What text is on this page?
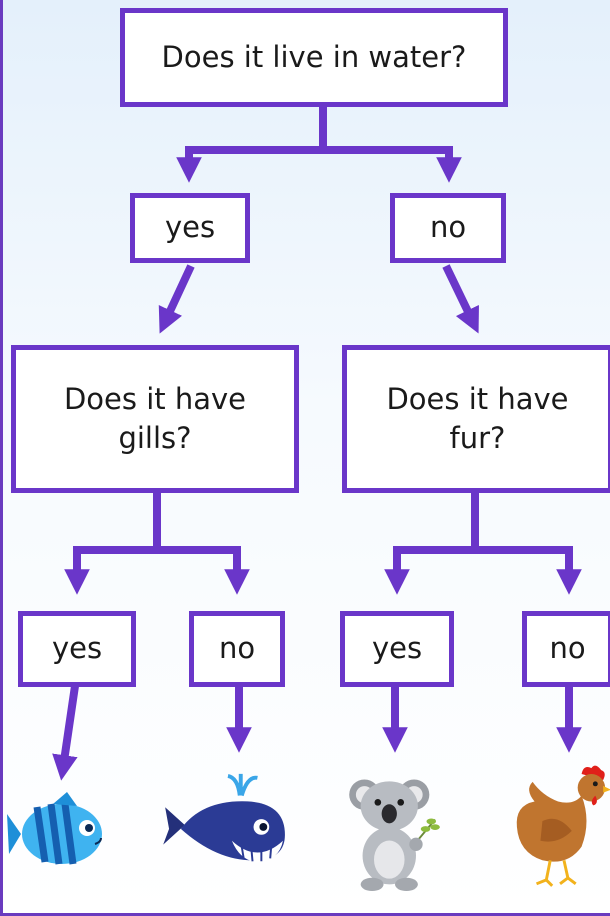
Does it live in water?
yes	no
Does it have gills?
Does it have fur?
yes	no	yes	no
